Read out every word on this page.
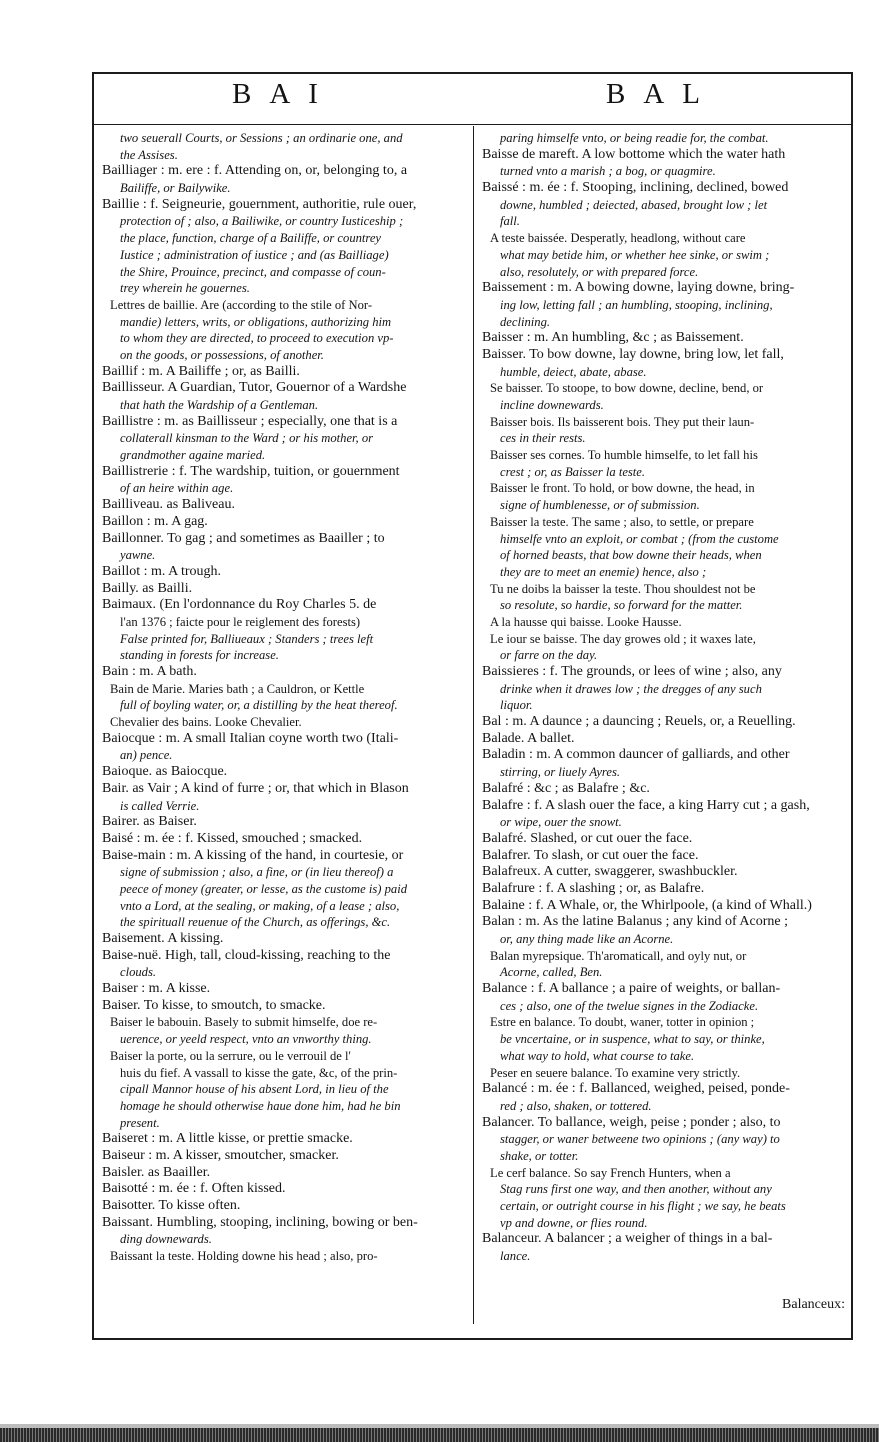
BAI	BAL
two seuerall Courts, or Sessions ; an ordinarie one, and
the Assises.
Bailliager : m. ere : f. Attending on, or, belonging to, a
Bailiffe, or Bailywike.
Baillie : f. Seigneurie, gouernment, authoritie, rule ouer,
protection of ; also, a Bailiwike, or country Iusticeship ;
the place, function, charge of a Bailiffe, or countrey
Iustice ; administration of iustice ; and (as Bailliage)
the Shire, Prouince, precinct, and compasse of coun-
trey wherein he gouernes.
Lettres de baillie. Are (according to the stile of Nor-
mandie) letters, writs, or obligations, authorizing him
to whom they are directed, to proceed to execution vp-
on the goods, or possessions, of another.
Baillif : m. A Bailiffe ; or, as Bailli.
Baillisseur. A Guardian, Tutor, Gouernor of a Wardshe
that hath the Wardship of a Gentleman.
Baillistre : m. as Baillisseur ; especially, one that is a
collaterall kinsman to the Ward ; or his mother, or
grandmother againe maried.
Baillistrerie : f. The wardship, tuition, or gouernment
of an heire within age.
Bailliveau. as Baliveau.
Baillon : m. A gag.
Baillonner. To gag ; and sometimes as Baailler ; to
yawne.
Baillot : m. A trough.
Bailly. as Bailli.
Baimaux. (En l'ordonnance du Roy Charles 5. de
l'an 1376 ; faicte pour le reiglement des forests)
False printed for, Balliueaux ; Standers ; trees left
standing in forests for increase.
Bain : m. A bath.
Bain de Marie. Maries bath ; a Cauldron, or Kettle
full of boyling water, or, a distilling by the heat thereof.
Chevalier des bains. Looke Chevalier.
Baiocque : m. A small Italian coyne worth two (Itali-
an) pence.
Baioque. as Baiocque.
Bair. as Vair ; A kind of furre ; or, that which in Blason
is called Verrie.
Bairer. as Baiser.
Baisé : m. ée : f. Kissed, smouched ; smacked.
Baise-main : m. A kissing of the hand, in courtesie, or
signe of submission ; also, a fine, or (in lieu thereof) a
peece of money (greater, or lesse, as the custome is) paid
vnto a Lord, at the sealing, or making, of a lease ; also,
the spirituall reuenue of the Church, as offerings, &c.
Baisement. A kissing.
Baise-nuë. High, tall, cloud-kissing, reaching to the
clouds.
Baiser : m. A kisse.
Baiser. To kisse, to smoutch, to smacke.
Baiser le babouin. Basely to submit himselfe, doe re-
uerence, or yeeld respect, vnto an vnworthy thing.
Baiser la porte, ou la serrure, ou le verrouil de l'
huis du fief. A vassall to kisse the gate, &c, of the prin-
cipall Mannor house of his absent Lord, in lieu of the
homage he should otherwise haue done him, had he bin
present.
Baiseret : m. A little kisse, or prettie smacke.
Baiseur : m. A kisser, smoutcher, smacker.
Baisler. as Baailler.
Baisotté : m. ée : f. Often kissed.
Baisotter. To kisse often.
Baissant. Humbling, stooping, inclining, bowing or ben-
ding downewards.
Baissant la teste. Holding downe his head ; also, pro-
paring himselfe vnto, or being readie for, the combat.
Baisse de mareft. A low bottome which the water hath
turned vnto a marish ; a bog, or quagmire.
Baissé : m. ée : f. Stooping, inclining, declined, bowed
downe, humbled ; deiected, abased, brought low ; let
fall.
A teste baissée. Desperatly, headlong, without care
what may betide him, or whether hee sinke, or swim ;
also, resolutely, or with prepared force.
Baissement : m. A bowing downe, laying downe, bring-
ing low, letting fall ; an humbling, stooping, inclining,
declining.
Baisser : m. An humbling, &c ; as Baissement.
Baisser. To bow downe, lay downe, bring low, let fall,
humble, deiect, abate, abase.
Se baisser. To stoope, to bow downe, decline, bend, or
incline downewards.
Baisser bois. Ils baisserent bois. They put their laun-
ces in their rests.
Baisser ses cornes. To humble himselfe, to let fall his
crest ; or, as Baisser la teste.
Baisser le front. To hold, or bow downe, the head, in
signe of humblenesse, or of submission.
Baisser la teste. The same ; also, to settle, or prepare
himselfe vnto an exploit, or combat ; (from the custome
of horned beasts, that bow downe their heads, when
they are to meet an enemie) hence, also ;
Tu ne doibs la baisser la teste. Thou shouldest not be
so resolute, so hardie, so forward for the matter.
A la hausse qui baisse. Looke Hausse.
Le iour se baisse. The day growes old ; it waxes late,
or farre on the day.
Baissieres : f. The grounds, or lees of wine ; also, any
drinke when it drawes low ; the dregges of any such
liquor.
Bal : m. A daunce ; a dauncing ; Reuels, or, a Reuelling.
Balade. A ballet.
Baladin : m. A common dauncer of galliards, and other
stirring, or liuely Ayres.
Balafré : &c ; as Balafre ; &c.
Balafre : f. A slash ouer the face, a king Harry cut ; a gash,
or wipe, ouer the snowt.
Balafré. Slashed, or cut ouer the face.
Balafrer. To slash, or cut ouer the face.
Balafreux. A cutter, swaggerer, swashbuckler.
Balafrure : f. A slashing ; or, as Balafre.
Balaine : f. A Whale, or, the Whirlpoole, (a kind of Whall.)
Balan : m. As the latine Balanus ; any kind of Acorne ;
or, any thing made like an Acorne.
Balan myrepsique. Th'aromaticall, and oyly nut, or
Acorne, called, Ben.
Balance : f. A ballance ; a paire of weights, or ballan-
ces ; also, one of the twelue signes in the Zodiacke.
Estre en balance. To doubt, waner, totter in opinion ;
be vncertaine, or in suspence, what to say, or thinke,
what way to hold, what course to take.
Peser en seuere balance. To examine very strictly.
Balancé : m. ée : f. Ballanced, weighed, peised, ponde-
red ; also, shaken, or tottered.
Balancer. To ballance, weigh, peise ; ponder ; also, to
stagger, or waner betweene two opinions ; (any way) to
shake, or totter.
Le cerf balance. So say French Hunters, when a
Stag runs first one way, and then another, without any
certain, or outright course in his flight ; we say, he beats
vp and downe, or flies round.
Balanceur. A balancer ; a weigher of things in a bal-
lance.
Balanceux:
